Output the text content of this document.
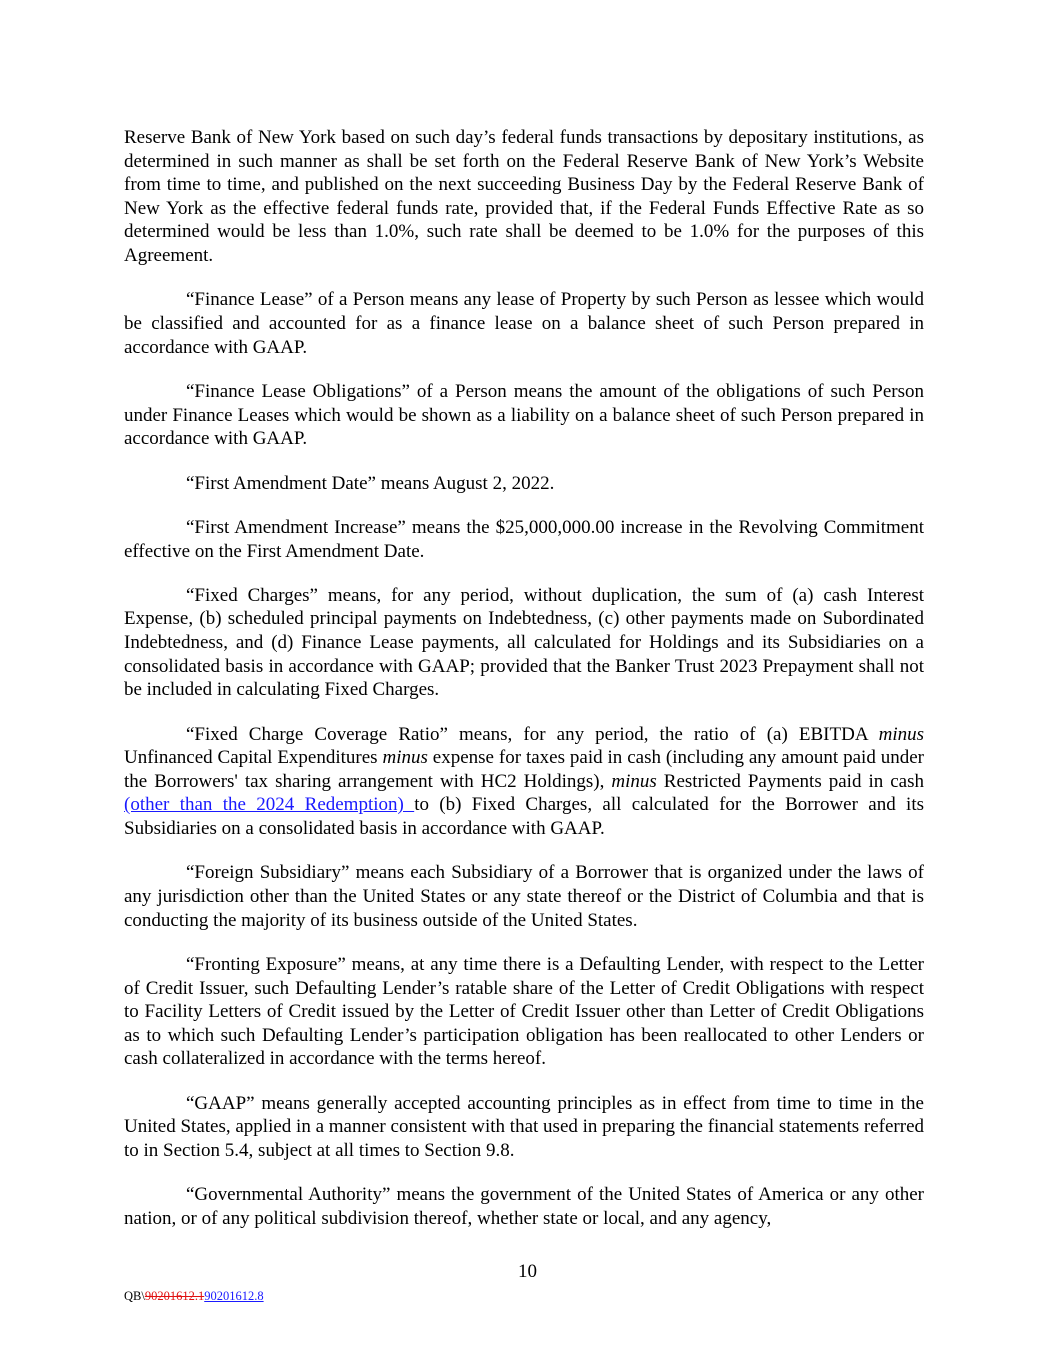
Reserve Bank of New York based on such day’s federal funds transactions by depositary institutions, as determined in such manner as shall be set forth on the Federal Reserve Bank of New York’s Website from time to time, and published on the next succeeding Business Day by the Federal Reserve Bank of New York as the effective federal funds rate, provided that, if the Federal Funds Effective Rate as so determined would be less than 1.0%, such rate shall be deemed to be 1.0% for the purposes of this Agreement.

“Finance Lease” of a Person means any lease of Property by such Person as lessee which would be classified and accounted for as a finance lease on a balance sheet of such Person prepared in accordance with GAAP.

“Finance Lease Obligations” of a Person means the amount of the obligations of such Person under Finance Leases which would be shown as a liability on a balance sheet of such Person prepared in accordance with GAAP.

“First Amendment Date” means August 2, 2022.

“First Amendment Increase” means the $25,000,000.00 increase in the Revolving Commitment effective on the First Amendment Date.

“Fixed Charges” means, for any period, without duplication, the sum of (a) cash Interest Expense, (b) scheduled principal payments on Indebtedness, (c) other payments made on Subordinated Indebtedness, and (d) Finance Lease payments, all calculated for Holdings and its Subsidiaries on a consolidated basis in accordance with GAAP; provided that the Banker Trust 2023 Prepayment shall not be included in calculating Fixed Charges.

“Fixed Charge Coverage Ratio” means, for any period, the ratio of (a) EBITDA minus Unfinanced Capital Expenditures minus expense for taxes paid in cash (including any amount paid under the Borrowers' tax sharing arrangement with HC2 Holdings), minus Restricted Payments paid in cash (other than the 2024 Redemption) to (b) Fixed Charges, all calculated for the Borrower and its Subsidiaries on a consolidated basis in accordance with GAAP.

“Foreign Subsidiary” means each Subsidiary of a Borrower that is organized under the laws of any jurisdiction other than the United States or any state thereof or the District of Columbia and that is conducting the majority of its business outside of the United States.

“Fronting Exposure” means, at any time there is a Defaulting Lender, with respect to the Letter of Credit Issuer, such Defaulting Lender’s ratable share of the Letter of Credit Obligations with respect to Facility Letters of Credit issued by the Letter of Credit Issuer other than Letter of Credit Obligations as to which such Defaulting Lender’s participation obligation has been reallocated to other Lenders or cash collateralized in accordance with the terms hereof.

“GAAP” means generally accepted accounting principles as in effect from time to time in the United States, applied in a manner consistent with that used in preparing the financial statements referred to in Section 5.4, subject at all times to Section 9.8.

“Governmental Authority” means the government of the United States of America or any other nation, or of any political subdivision thereof, whether state or local, and any agency,

10
QB\90201612.190201612.8
